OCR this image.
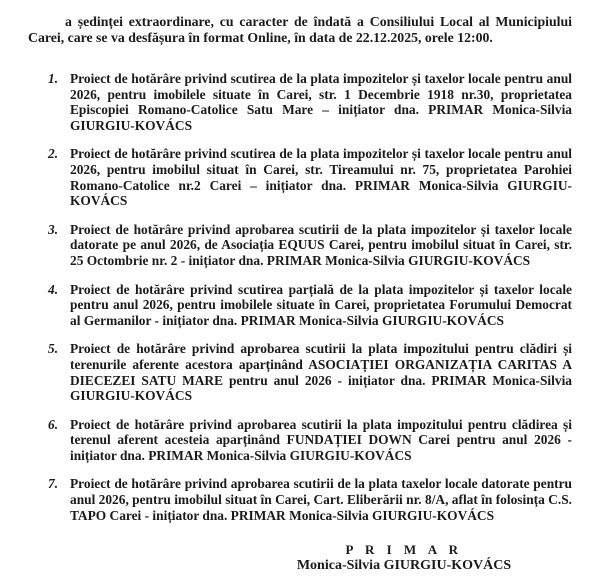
a ședinței extraordinare, cu caracter de îndată a Consiliului Local al Municipiului Carei, care se va desfășura în format Online, în data de 22.12.2025, orele 12:00.

1. Proiect de hotărâre privind scutirea de la plata impozitelor și taxelor locale pentru anul 2026, pentru imobilele situate în Carei, str. 1 Decembrie 1918 nr.30, proprietatea Episcopiei Romano-Catolice Satu Mare – inițiator dna. PRIMAR Monica-Silvia GIURGIU-KOVÁCS
2. Proiect de hotărâre privind scutirea de la plata impozitelor și taxelor locale pentru anul 2026, pentru imobilul situat în Carei, str. Tireamului nr. 75, proprietatea Parohiei Romano-Catolice nr.2 Carei – inițiator dna. PRIMAR Monica-Silvia GIURGIU-KOVÁCS
3. Proiect de hotărâre privind aprobarea scutirii de la plata impozitelor și taxelor locale datorate pe anul 2026, de Asociația EQUUS Carei, pentru imobilul situat în Carei, str. 25 Octombrie nr. 2 - inițiator dna. PRIMAR Monica-Silvia GIURGIU-KOVÁCS
4. Proiect de hotărâre privind scutirea parțială de la plata impozitelor și taxelor locale pentru anul 2026, pentru imobilele situate în Carei, proprietatea Forumului Democrat al Germanilor - inițiator dna. PRIMAR Monica-Silvia GIURGIU-KOVÁCS
5. Proiect de hotărâre privind aprobarea scutirii la plata impozitului pentru clădiri și terenurile aferente acestora aparținând ASOCIAȚIEI ORGANIZAȚIA CARITAS A DIECEZEI SATU MARE pentru anul 2026 - inițiator dna. PRIMAR Monica-Silvia GIURGIU-KOVÁCS
6. Proiect de hotărâre privind aprobarea scutirii la plata impozitului pentru clădirea și terenul aferent acesteia aparținând FUNDAȚIEI DOWN Carei pentru anul 2026 - inițiator dna. PRIMAR Monica-Silvia GIURGIU-KOVÁCS
7. Proiect de hotărâre privind aprobarea scutirii de la plata taxelor locale datorate pentru anul 2026, pentru imobilul situat în Carei, Cart. Eliberării nr. 8/A, aflat în folosința C.S. TAPO Carei - inițiator dna. PRIMAR Monica-Silvia GIURGIU-KOVÁCS
P R I M A R
Monica-Silvia GIURGIU-KOVÁCS
